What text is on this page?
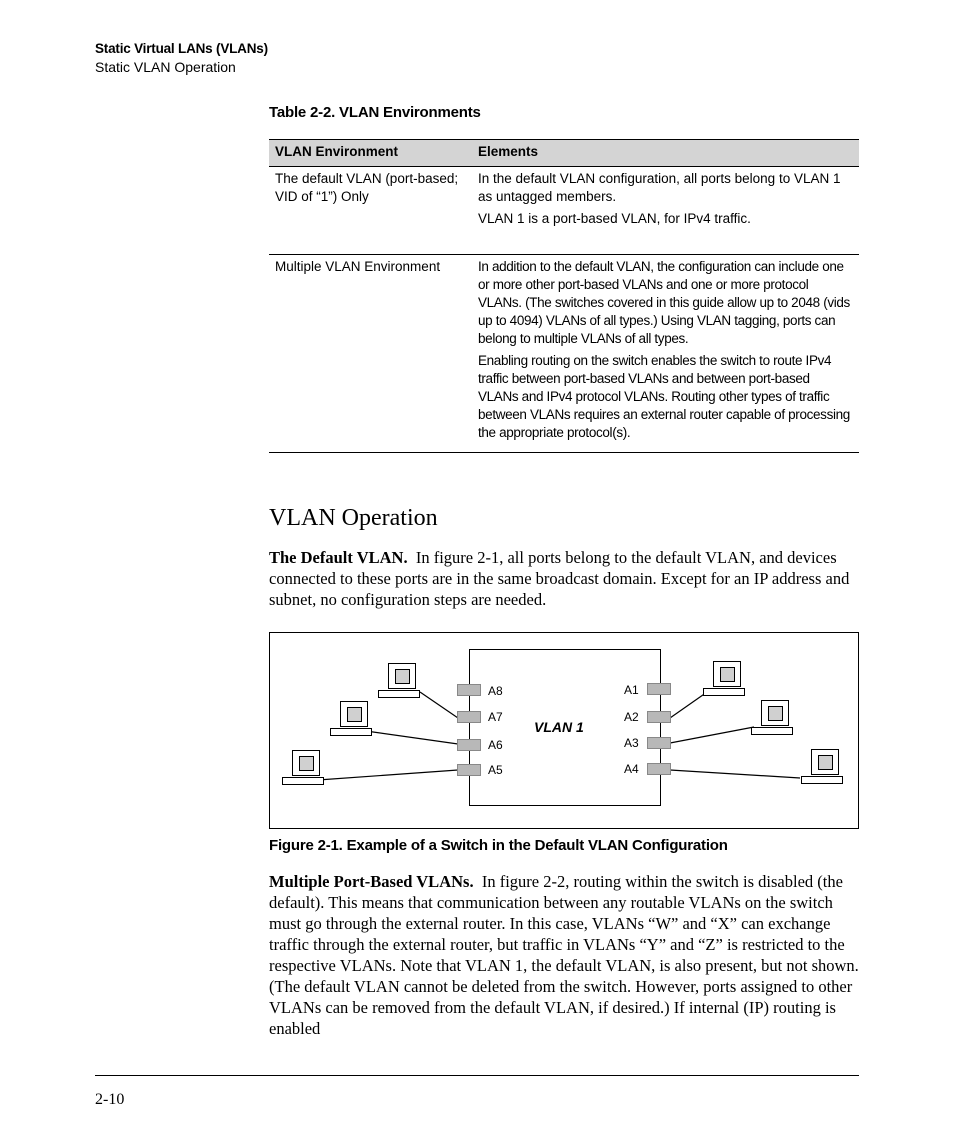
Static Virtual LANs (VLANs)
Static VLAN Operation
Table 2-2. VLAN Environments
VLAN Environment	Elements
The default VLAN (port-based; VID of “1”) Only	In the default VLAN configuration, all ports belong to VLAN 1 as untagged members.

VLAN 1 is a port-based VLAN, for IPv4 traffic.

Multiple VLAN Environment	In addition to the default VLAN, the configuration can include one or more other port-based VLANs and one or more protocol VLANs. (The switches covered in this guide allow up to 2048 (vids up to 4094) VLANs of all types.) Using VLAN tagging, ports can belong to multiple VLANs of all types.

Enabling routing on the switch enables the switch to route IPv4 traffic between port-based VLANs and between port-based VLANs and IPv4 protocol VLANs. Routing other types of traffic between VLANs requires an external router capable of processing the appropriate protocol(s).

VLAN Operation

The Default VLAN. In figure 2-1, all ports belong to the default VLAN, and devices connected to these ports are in the same broadcast domain. Except for an IP address and subnet, no configuration steps are needed.

VLAN 1
A8
A7
A6
A5
A1
A2
A3
A4
Figure 2-1. Example of a Switch in the Default VLAN Configuration

Multiple Port-Based VLANs. In figure 2-2, routing within the switch is disabled (the default). This means that communication between any routable VLANs on the switch must go through the external router. In this case, VLANs “W” and “X” can exchange traffic through the external router, but traffic in VLANs “Y” and “Z” is restricted to the respective VLANs. Note that VLAN 1, the default VLAN, is also present, but not shown. (The default VLAN cannot be deleted from the switch. However, ports assigned to other VLANs can be removed from the default VLAN, if desired.) If internal (IP) routing is enabled

2-10
